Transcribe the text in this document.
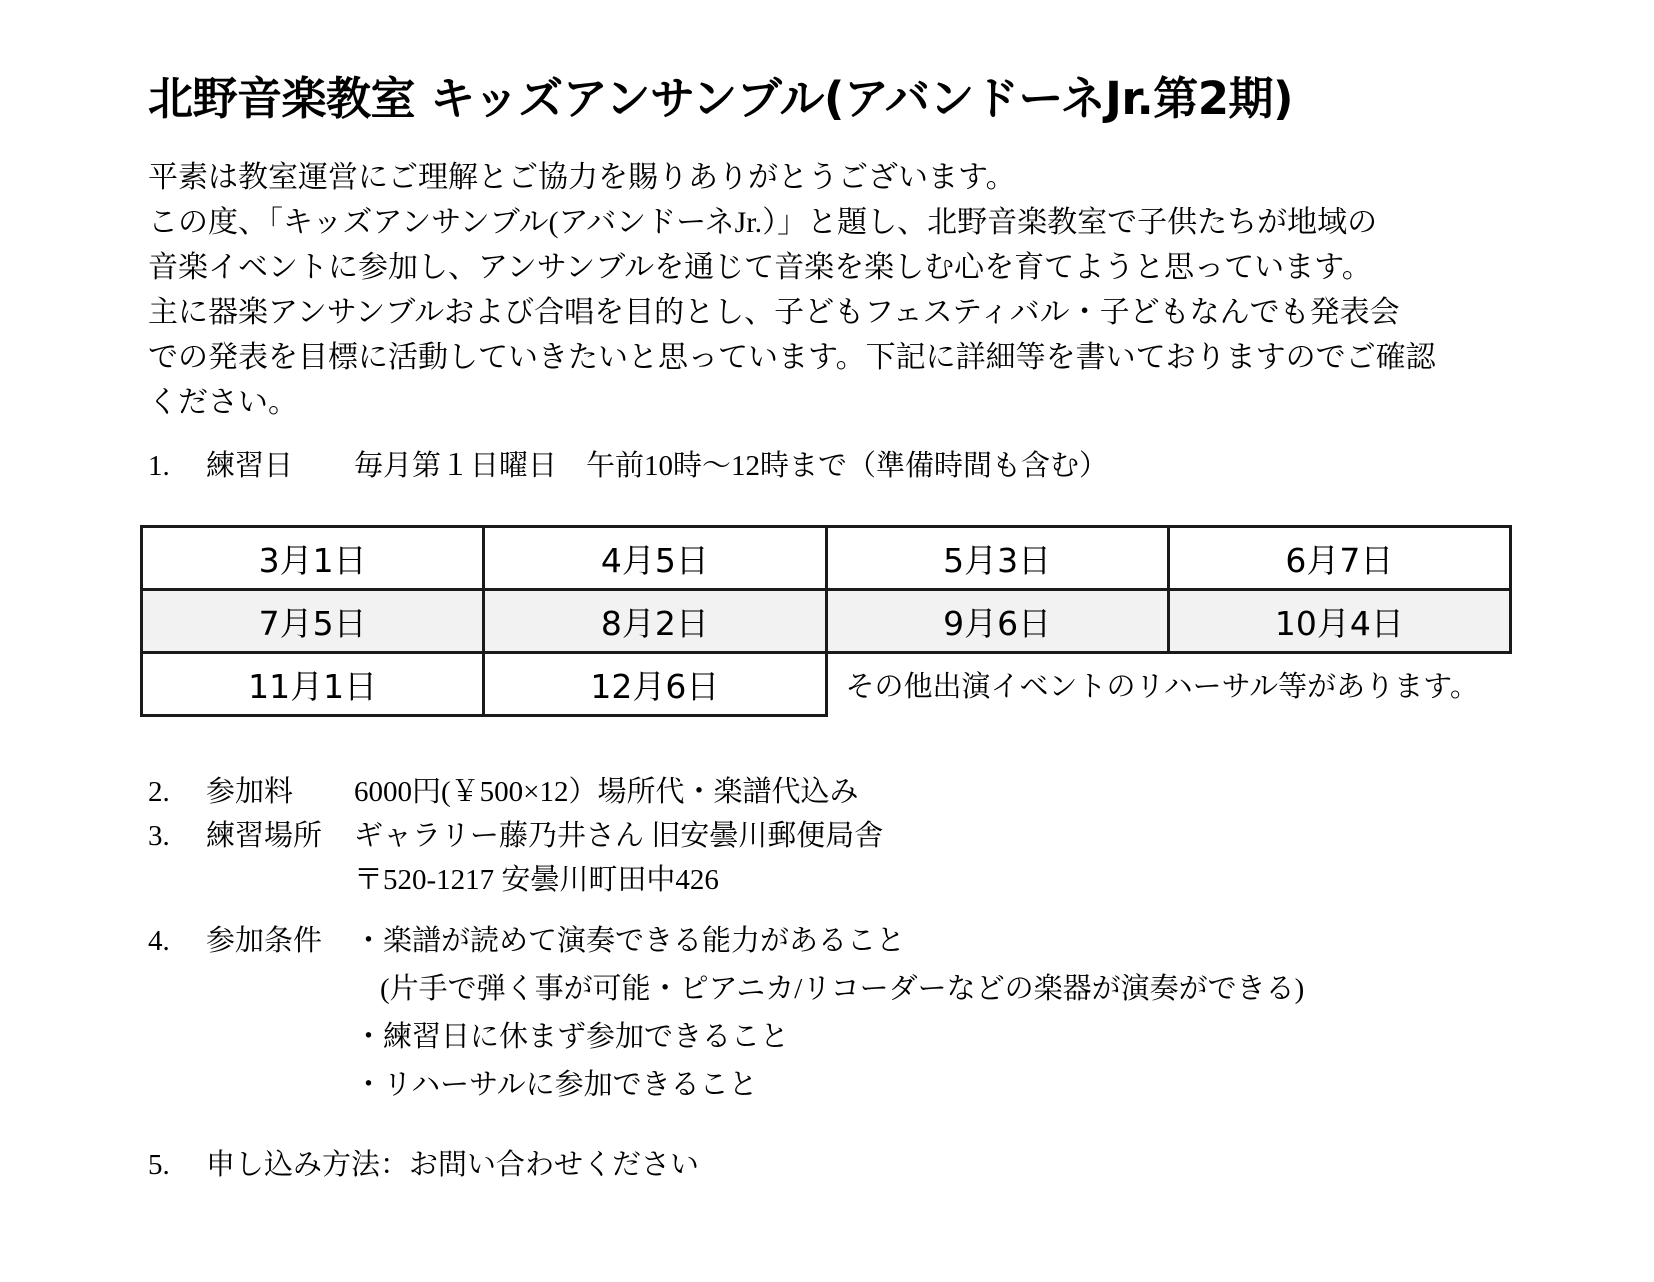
北野音楽教室 キッズアンサンブル(アバンドーネJr.第2期)

平素は教室運営にご理解とご協力を賜りありがとうございます。

この度、「キッズアンサンブル(アバンドーネJr.）」と題し、北野音楽教室で子供たちが地域の

音楽イベントに参加し、アンサンブルを通じて音楽を楽しむ心を育てようと思っています。

主に器楽アンサンブルおよび合唱を目的とし、子どもフェスティバル・子どもなんでも発表会

での発表を目標に活動していきたいと思っています。下記に詳細等を書いておりますのでご確認

ください。

1. 練習日 毎月第１日曜日　午前10時〜12時まで（準備時間も含む）
3月1日	4月5日	5月3日	6月7日
7月5日	8月2日	9月6日	10月4日
11月1日	12月6日	その他出演イベントのリハーサル等があります。	
2. 参加料 6000円(￥500×12）場所代・楽譜代込み
3. 練習場所 ギャラリー藤乃井さん 旧安曇川郵便局舎
〒520-1217 安曇川町田中426
4. 参加条件 ・楽譜が読めて演奏できる能力があること
(片手で弾く事が可能・ピアニカ/リコーダーなどの楽器が演奏ができる)
・練習日に休まず参加できること
・リハーサルに参加できること
5. 申し込み方法：お問い合わせください
